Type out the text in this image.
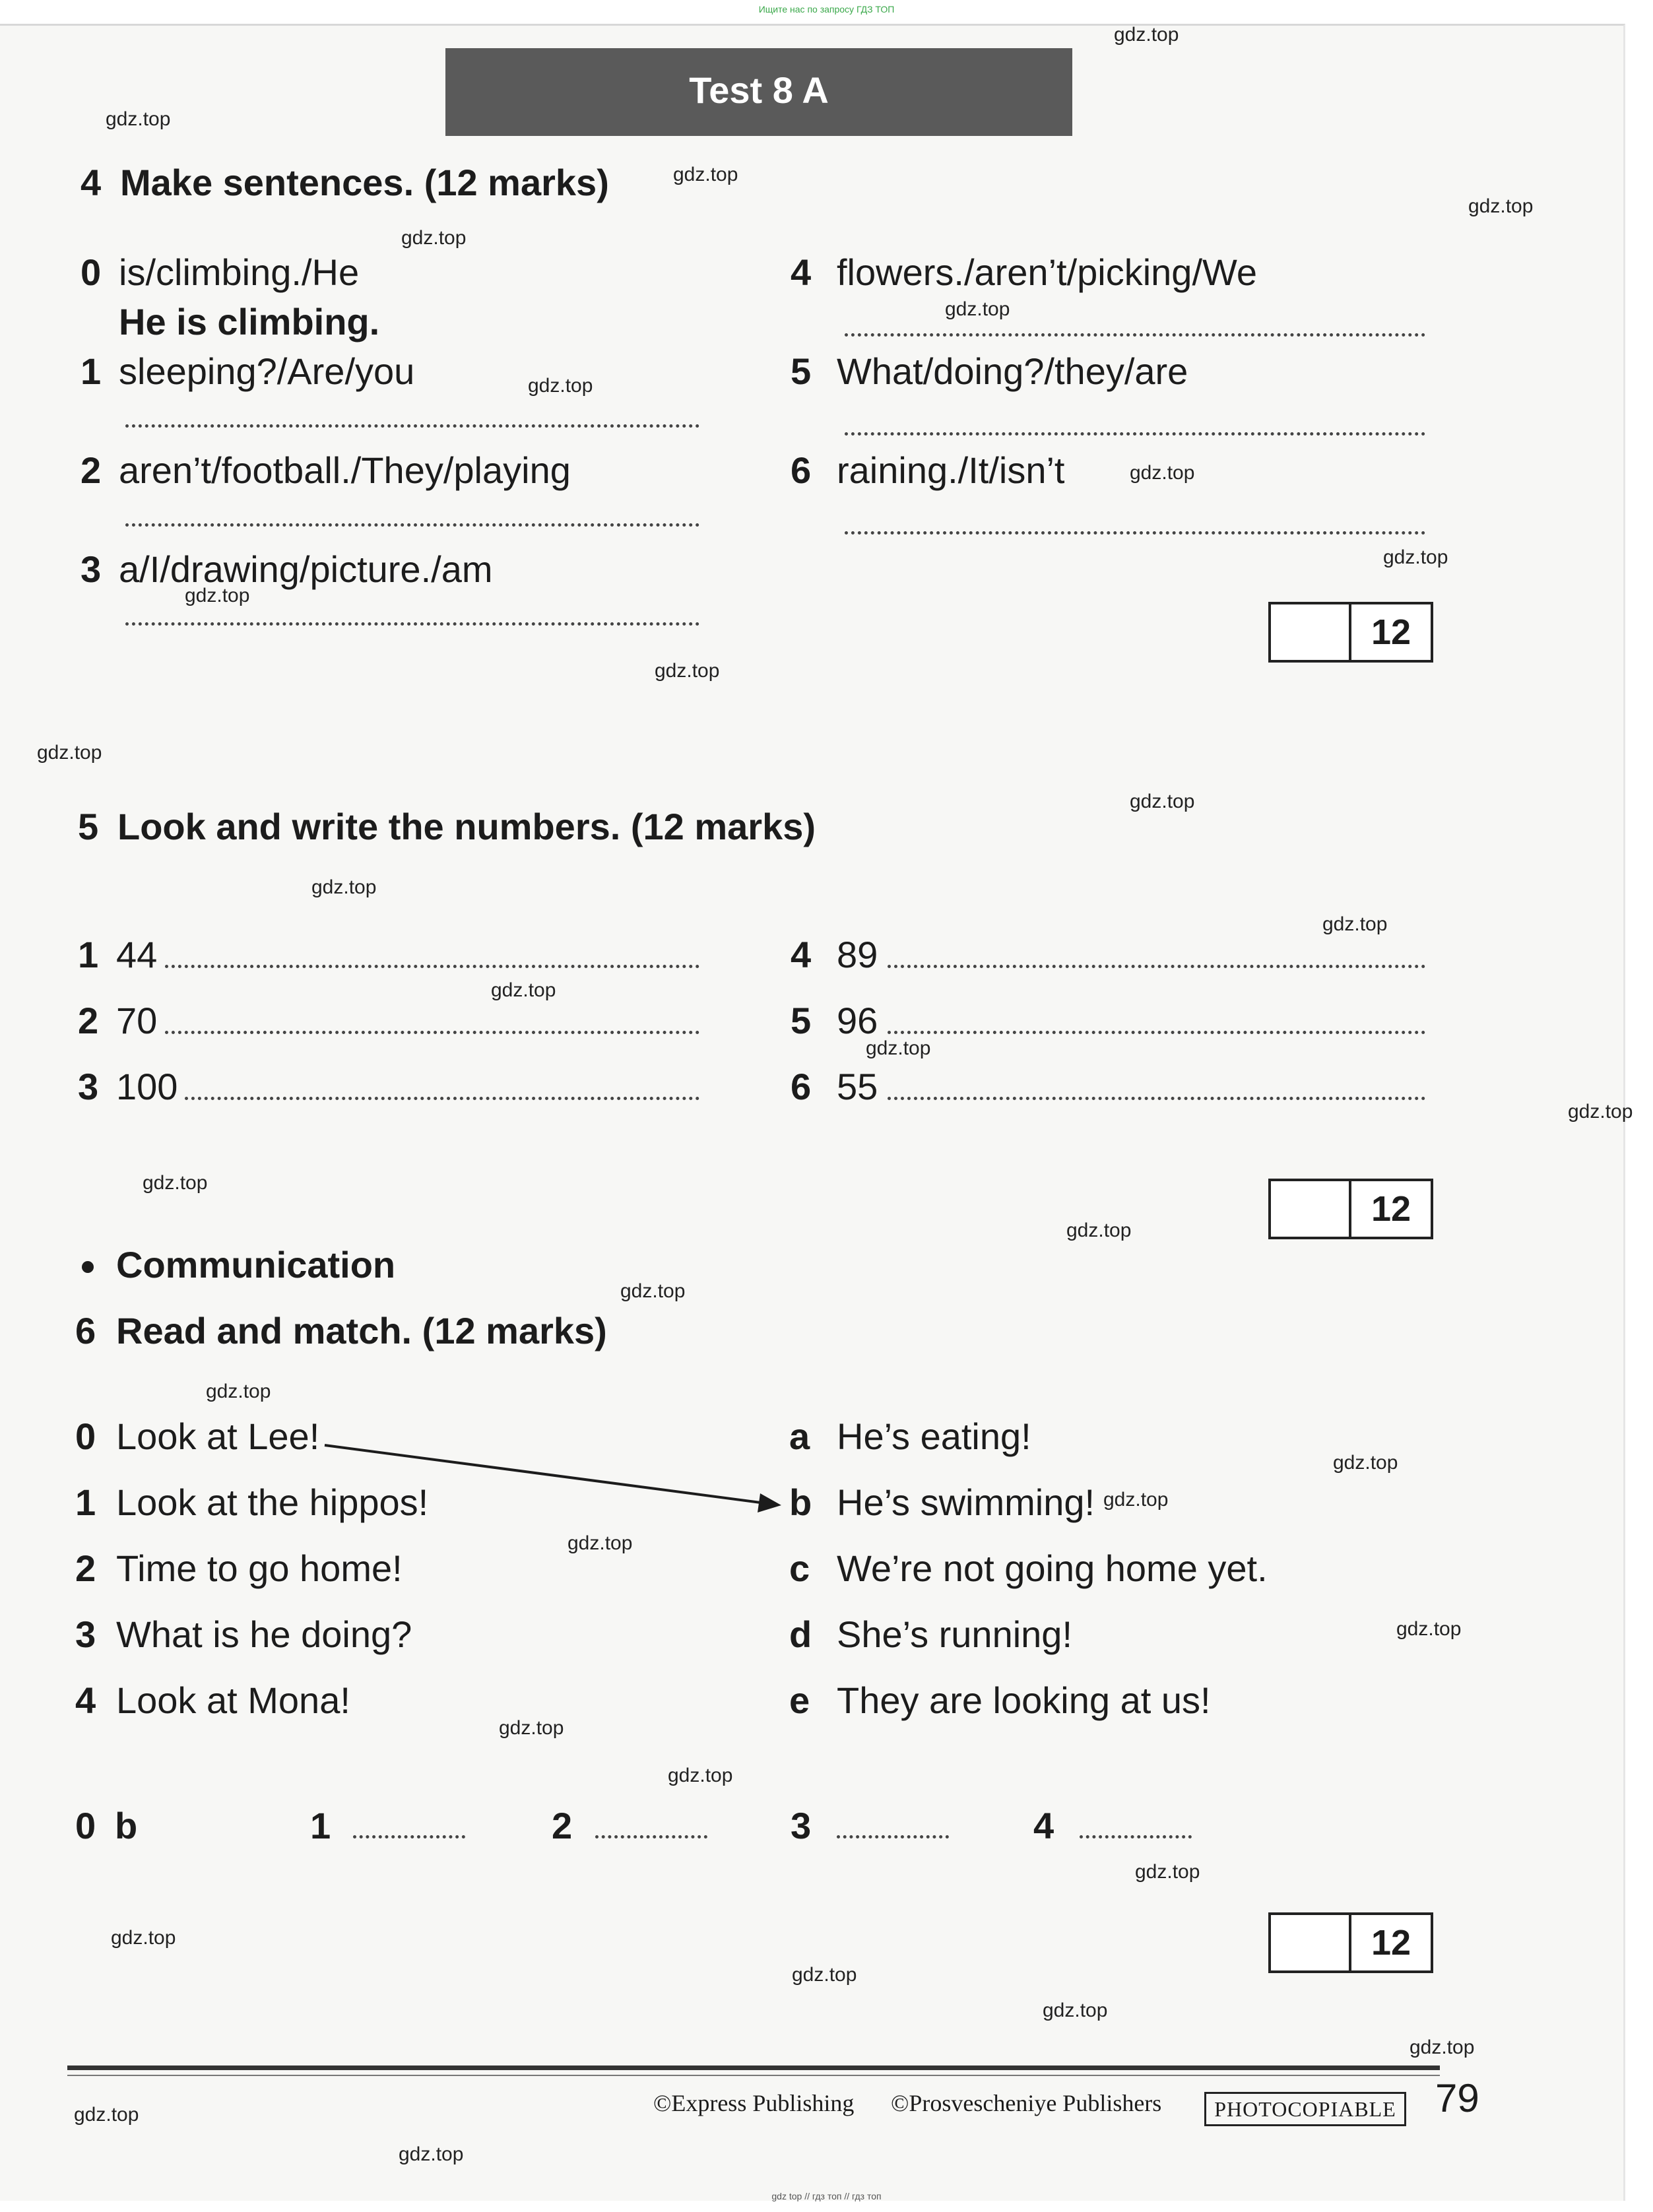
Ищите нас по запросу ГДЗ ТОП
Test 8 A
4 Make sentences. (12 marks)
0 is/climbing./He
He is climbing.
1 sleeping?/Are/you
2 aren’t/football./They/playing
3 a/I/drawing/picture./am
4 flowers./aren’t/picking/We
5 What/doing?/they/are
6 raining./It/isn’t
12
5 Look and write the numbers. (12 marks)
1 44
2 70
3 100
4 89
5 96
6 55
12
Communication
6 Read and match. (12 marks)
0 Look at Lee!
1 Look at the hippos!
2 Time to go home!
3 What is he doing?
4 Look at Mona!
a He’s eating!
b He’s swimming!
c We’re not going home yet.
d She’s running!
e They are looking at us!
0 b	1	2	3	4
12
©Express Publishing ©Prosvescheniye Publishers	PHOTOCOPIABLE 79
gdz.top
gdz.top
gdz.top
gdz.top
gdz.top
gdz.top
gdz.top
gdz.top
gdz.top
gdz.top
gdz.top
gdz.top
gdz.top
gdz.top
gdz.top
gdz.top
gdz.top
gdz.top
gdz.top
gdz.top
gdz.top
gdz.top
gdz.top
gdz.top
gdz.top
gdz.top
gdz.top
gdz.top
gdz.top
gdz.top
gdz.top
gdz.top
gdz.top
gdz.top
gdz.top
gdz top // гдз топ // гдз топ
